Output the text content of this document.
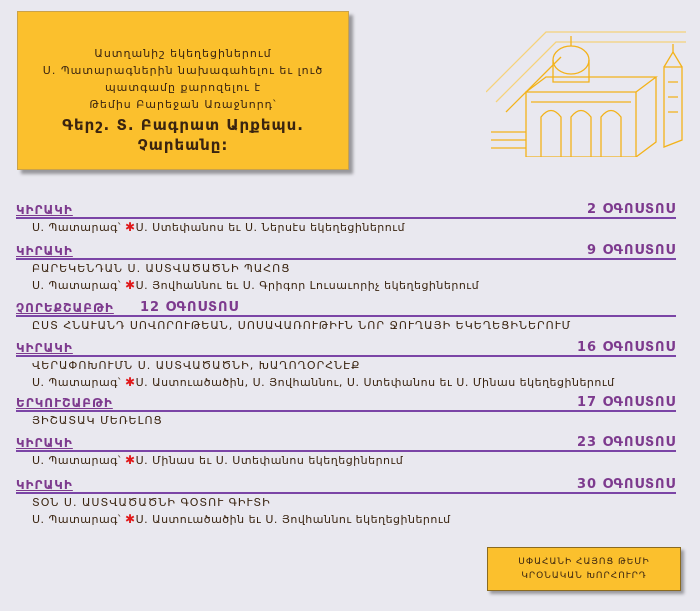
Աստղանիշ եկեղեցիներում
Ս. Պատարագներին նախագահելու եւ լուծ
պատգամը քարոզելու է
Թեմիս Բարեջան Առաջնորդ՝
Գերշ. Տ. Բագրատ Արքեպս.
Չարեանը:
ԿԻՐԱԿԻ	2 ՕԳՈՍՏՈՍ
Ս. Պատարագ՝ ✱Ս. Ստեփանոս եւ Ս. Ներսէս եկեղեցիներում
ԿԻՐԱԿԻ	9 ՕԳՈՍՏՈՍ
ԲԱՐԵԿԵՆԴԱՆ Ս. ԱՍՏՎԱԾԱԾՆԻ ՊԱՀՈՑ
Ս. Պատարագ՝ ✱Ս. Յովհաննու եւ Ս. Գրիգոր Լուսաւորիչ եկեղեցիներում
ՉՈՐԵՔՇԱԲԹԻ 12 ՕԳՈՍՏՈՍ
ԸՍՏ ՀՆԱՒԱՆԴ ՍՈՎՈՐՈՒԹԵԱՆ, ՍՈՍԱՎԱՌՈՒԹԻՒՆ ՆՈՐ ՋՈՒՂԱՅԻ ԵԿԵՂԵՑԻՆԵՐՈՒՄ
ԿԻՐԱԿԻ	16 ՕԳՈՍՏՈՍ
ՎԵՐԱՓՈԽՈՒՄՆ Ս. ԱՍՏՎԱԾԱԾՆԻ, ԽԱՂՈՂՕՐՀՆԷՔ
Ս. Պատարագ՝ ✱Ս. Աստուածածին, Ս. Յովհաննու, Ս. Ստեփանոս եւ Ս. Մինաս եկեղեցիներում
ԵՐԿՈՒՇԱԲԹԻ	17 ՕԳՈՍՏՈՍ
ՅԻՇԱՏԱԿ ՄԵՌԵԼՈՑ
ԿԻՐԱԿԻ	23 ՕԳՈՍՏՈՍ
Ս. Պատարագ՝ ✱Ս. Մինաս եւ Ս. Ստեփանոս եկեղեցիներում
ԿԻՐԱԿԻ	30 ՕԳՈՍՏՈՍ
ՏՕՆ Ս. ԱՍՏՎԱԾԱԾՆԻ ԳՕՏՈՒ ԳԻՒՏԻ
Ս. Պատարագ՝ ✱Ս. Աստուածածին եւ Ս. Յովհաննու եկեղեցիներում
ՍՓԱՀԱՆԻ ՀԱՅՈՑ ԹԵՄԻ
ԿՐՕՆԱԿԱՆ ԽՈՐՀՈՒՐԴ
